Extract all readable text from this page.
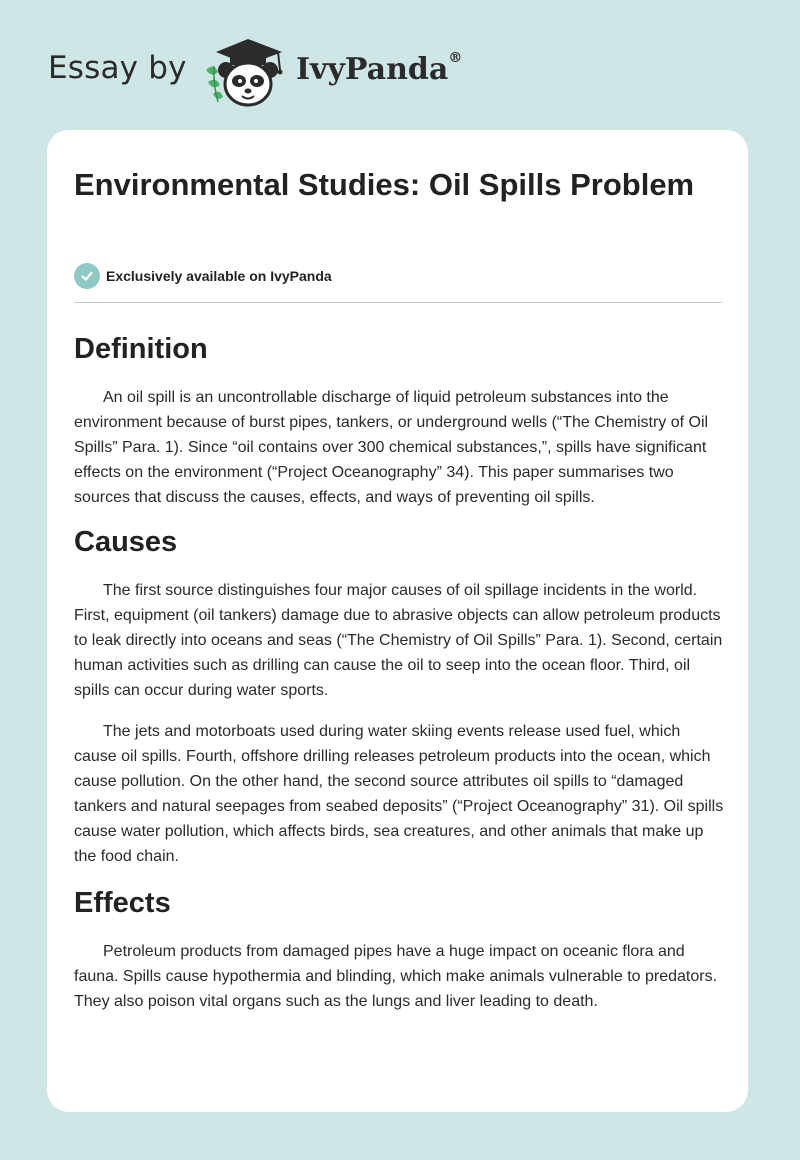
Essay by	IvyPanda®
Environmental Studies: Oil Spills Problem
Exclusively available on IvyPanda
Definition

An oil spill is an uncontrollable discharge of liquid petroleum substances into the environment because of burst pipes, tankers, or underground wells (“The Chemistry of Oil Spills” Para. 1). Since “oil contains over 300 chemical substances,”, spills have significant effects on the environment (“Project Oceanography” 34). This paper summarises two sources that discuss the causes, effects, and ways of preventing oil spills.

Causes

The first source distinguishes four major causes of oil spillage incidents in the world. First, equipment (oil tankers) damage due to abrasive objects can allow petroleum products to leak directly into oceans and seas (“The Chemistry of Oil Spills” Para. 1). Second, certain human activities such as drilling can cause the oil to seep into the ocean floor. Third, oil spills can occur during water sports.

The jets and motorboats used during water skiing events release used fuel, which cause oil spills. Fourth, offshore drilling releases petroleum products into the ocean, which cause pollution. On the other hand, the second source attributes oil spills to “damaged tankers and natural seepages from seabed deposits” (“Project Oceanography” 31). Oil spills cause water pollution, which affects birds, sea creatures, and other animals that make up the food chain.

Effects

Petroleum products from damaged pipes have a huge impact on oceanic flora and fauna. Spills cause hypothermia and blinding, which make animals vulnerable to predators. They also poison vital organs such as the lungs and liver leading to death.
